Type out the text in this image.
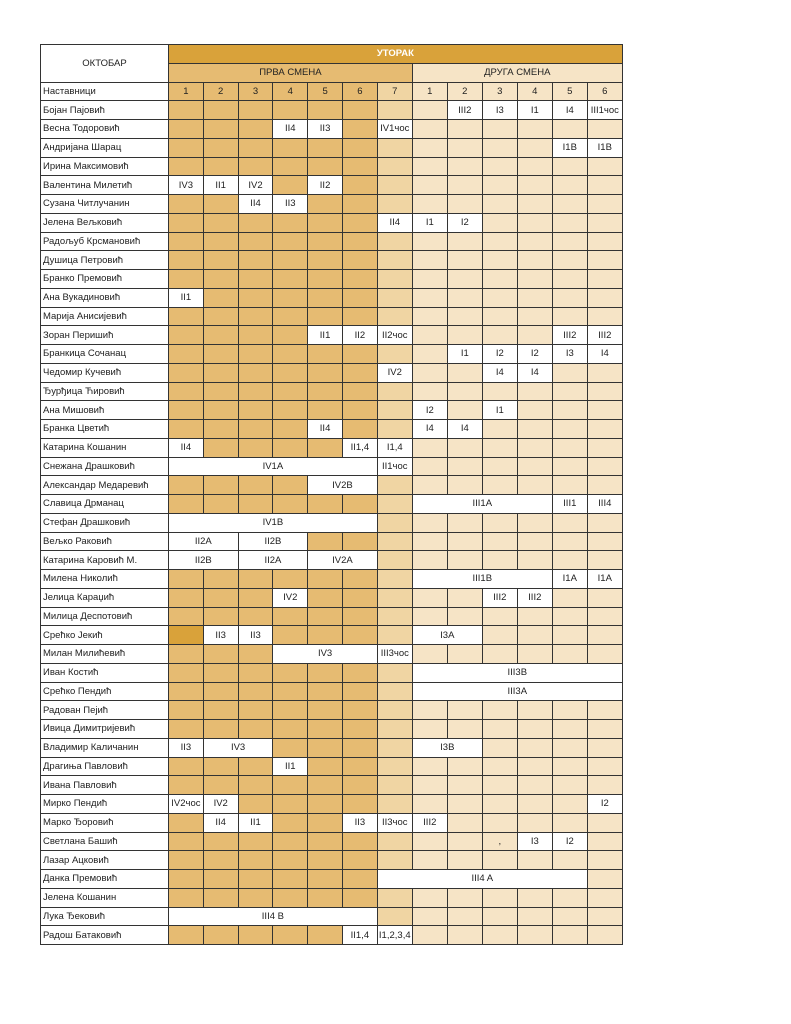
ОКТОБАР	УТОРАК												
	ПРВА СМЕНА							ДРУГА СМЕНА					
Наставници	1	2	3	4	5	6	7	1	2	3	4	5	6
Бојан Пајовић									III2	I3	I1	I4	III1чос
Весна Тодоровић				II4	II3		IV1чос						
Андријана Шарац												I1B	I1B
Ирина Максимовић													
Валентина Милетић	IV3	II1	IV2		II2								
Сузана Читлучанин			II4	II3									
Јелена Вељковић							II4	I1	I2				
Радољуб Крсмановић													
Душица Петровић													
Бранко Премовић													
Ана Вукадиновић	II1												
Марија Анисијевић													
Зоран Перишић					II1	II2	II2чос					III2	III2
Бранкица Сочанац									I1	I2	I2	I3	I4
Чедомир Кучевић							IV2			I4	I4		
Ђурђица Ћировић													
Ана Мишовић								I2		I1			
Бранка Цветић					II4			I4	I4				
Катарина Кошанин	II4					II1,4	I1,4						
Снежана Драшковић	IV1A						II1чос						
Александар Медаревић					IV2B								
Славица Дрманац								III1A				III1	III4
Стефан Драшковић	IV1B												
Вељко Раковић	II2A		II2B										
Катарина Каровић М.	II2B		II2A		IV2A								
Милена Николић								III1B				I1A	I1A
Јелица Караџић				IV2						III2	III2		
Милица Деспотовић													
Срећко Јекић		II3	II3					I3A					
Милан Милићевић				IV3			III3чос						
Иван Костић								III3B					
Срећко Пендић								III3A					
Радован Пејић													
Ивица Димитријевић													
Владимир Каличанин	II3	IV3						I3B					
Драгиња Павловић				II1									
Ивана Павловић													
Мирко Пендић	IV2чос	IV2											I2
Марко Ђоровић		II4	II1			II3	II3чос	III2					
Светлана Башић										,	I3	I2	
Лазар Ацковић													
Данка Премовић							III4 A						
Јелена Кошанин													
Лука Ђековић	III4 B												
Радош Батаковић						II1,4	I1,2,3,4						
